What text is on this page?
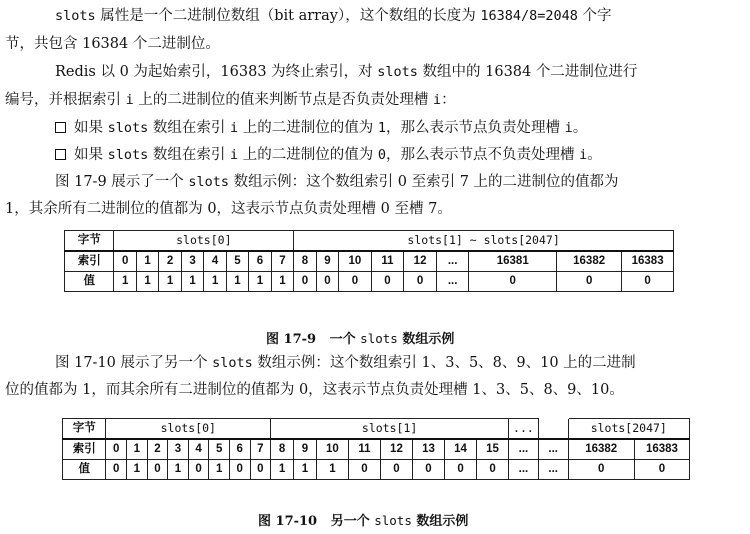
slots 属性是一个二进制位数组（bit array），这个数组的长度为 16384/8=2048 个字

节，共包含 16384 个二进制位。

Redis 以 0 为起始索引，16383 为终止索引，对 slots 数组中的 16384 个二进制位进行

编号，并根据索引 i 上的二进制位的值来判断节点是否负责处理槽 i：

如果 slots 数组在索引 i 上的二进制位的值为 1，那么表示节点负责处理槽 i。

如果 slots 数组在索引 i 上的二进制位的值为 0，那么表示节点不负责处理槽 i。

图 17-9 展示了一个 slots 数组示例：这个数组索引 0 至索引 7 上的二进制位的值都为

1，其余所有二进制位的值都为 0，这表示节点负责处理槽 0 至槽 7。

字节	slots[0]								slots[1] ~ slots[2047]								
索引	0	1	2	3	4	5	6	7	8	9	10	11	12	...	16381	16382	16383
值	1	1	1	1	1	1	1	1	0	0	0	0	0	...	0	0	0

图 17-9 一个 slots 数组示例

图 17-10 展示了另一个 slots 数组示例：这个数组索引 1、3、5、8、9、10 上的二进制

位的值都为 1，而其余所有二进制位的值都为 0，这表示节点负责处理槽 1、3、5、8、9、10。

字节	slots[0]								slots[1]								...		slots[2047]	
索引	0	1	2	3	4	5	6	7	8	9	10	11	12	13	14	15	...	...	16382	16383
值	0	1	0	1	0	1	0	0	1	1	1	0	0	0	0	0	...	...	0	0

图 17-10 另一个 slots 数组示例
